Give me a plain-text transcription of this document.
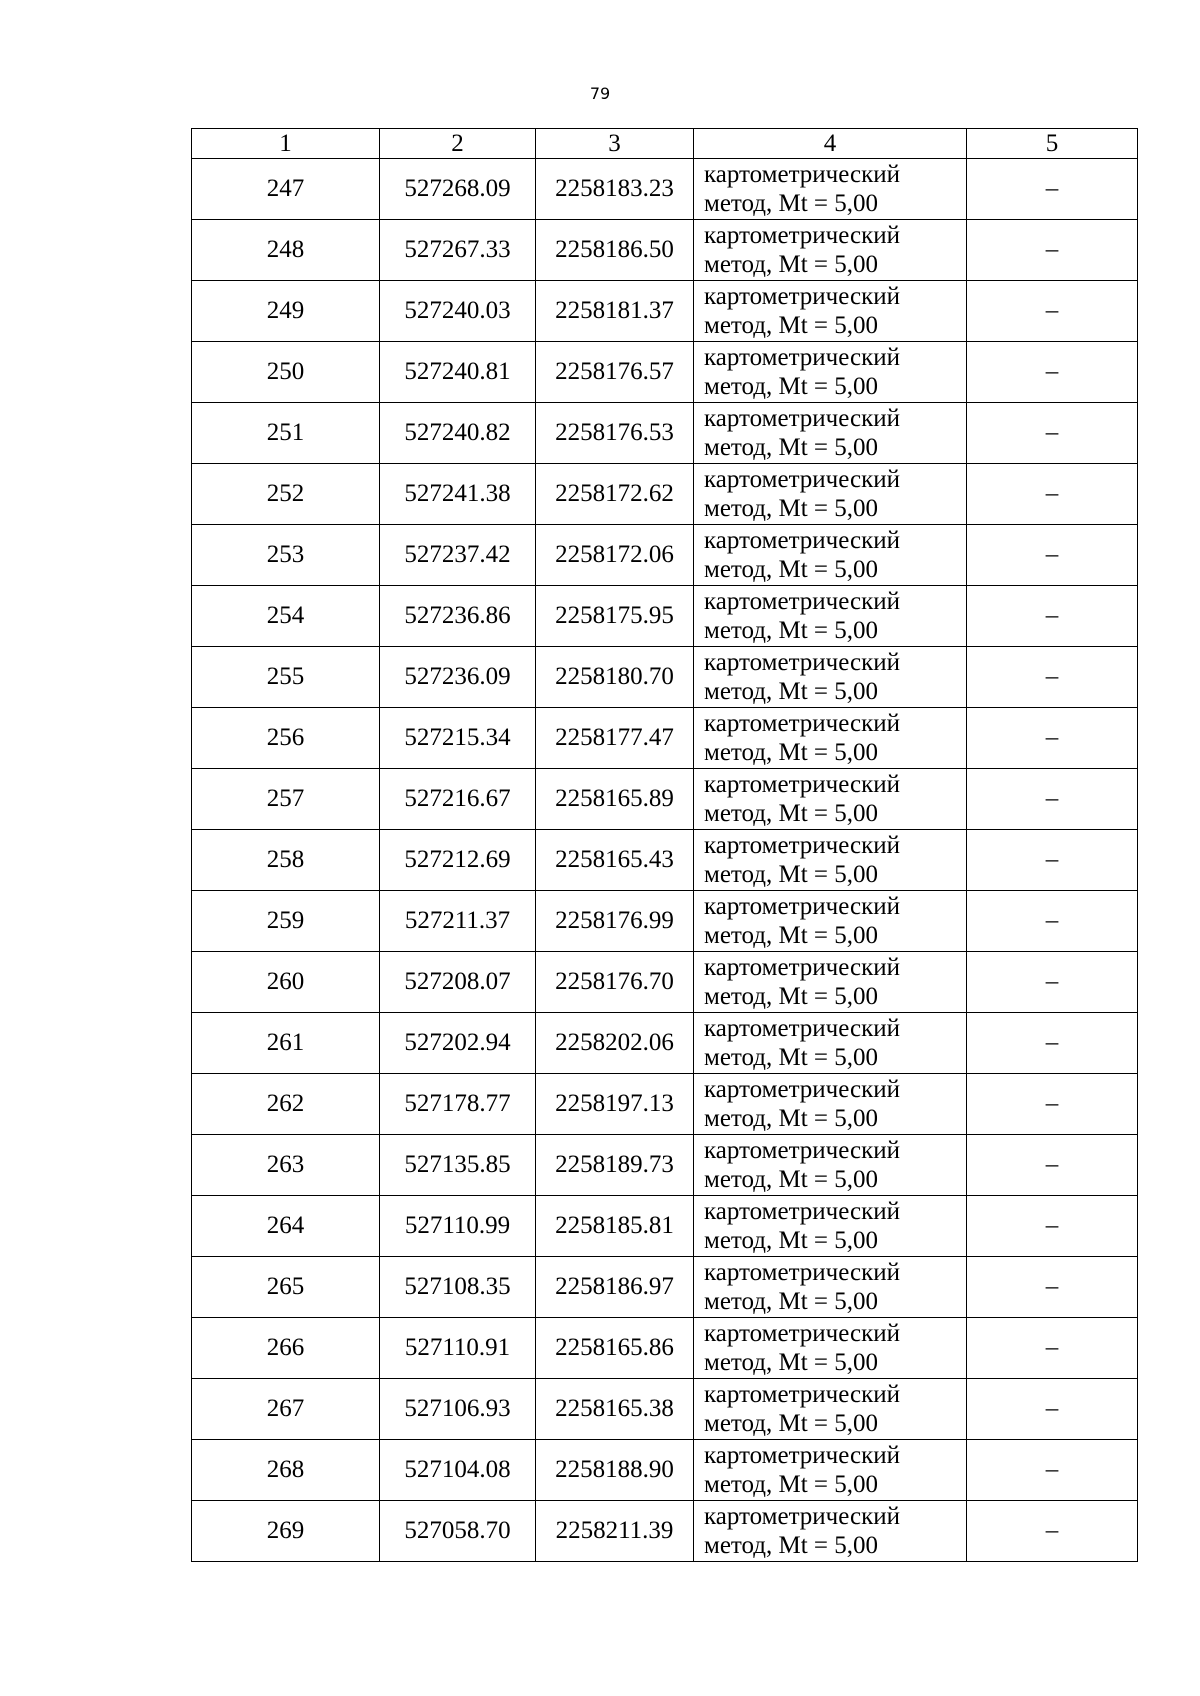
79
1	2	3	4	5
247	527268.09	2258183.23	картометрический
метод, Mt = 5,00	–
248	527267.33	2258186.50	картометрический
метод, Mt = 5,00	–
249	527240.03	2258181.37	картометрический
метод, Mt = 5,00	–
250	527240.81	2258176.57	картометрический
метод, Mt = 5,00	–
251	527240.82	2258176.53	картометрический
метод, Mt = 5,00	–
252	527241.38	2258172.62	картометрический
метод, Mt = 5,00	–
253	527237.42	2258172.06	картометрический
метод, Mt = 5,00	–
254	527236.86	2258175.95	картометрический
метод, Mt = 5,00	–
255	527236.09	2258180.70	картометрический
метод, Mt = 5,00	–
256	527215.34	2258177.47	картометрический
метод, Mt = 5,00	–
257	527216.67	2258165.89	картометрический
метод, Mt = 5,00	–
258	527212.69	2258165.43	картометрический
метод, Mt = 5,00	–
259	527211.37	2258176.99	картометрический
метод, Mt = 5,00	–
260	527208.07	2258176.70	картометрический
метод, Mt = 5,00	–
261	527202.94	2258202.06	картометрический
метод, Mt = 5,00	–
262	527178.77	2258197.13	картометрический
метод, Mt = 5,00	–
263	527135.85	2258189.73	картометрический
метод, Mt = 5,00	–
264	527110.99	2258185.81	картометрический
метод, Mt = 5,00	–
265	527108.35	2258186.97	картометрический
метод, Mt = 5,00	–
266	527110.91	2258165.86	картометрический
метод, Mt = 5,00	–
267	527106.93	2258165.38	картометрический
метод, Mt = 5,00	–
268	527104.08	2258188.90	картометрический
метод, Mt = 5,00	–
269	527058.70	2258211.39	картометрический
метод, Mt = 5,00	–
